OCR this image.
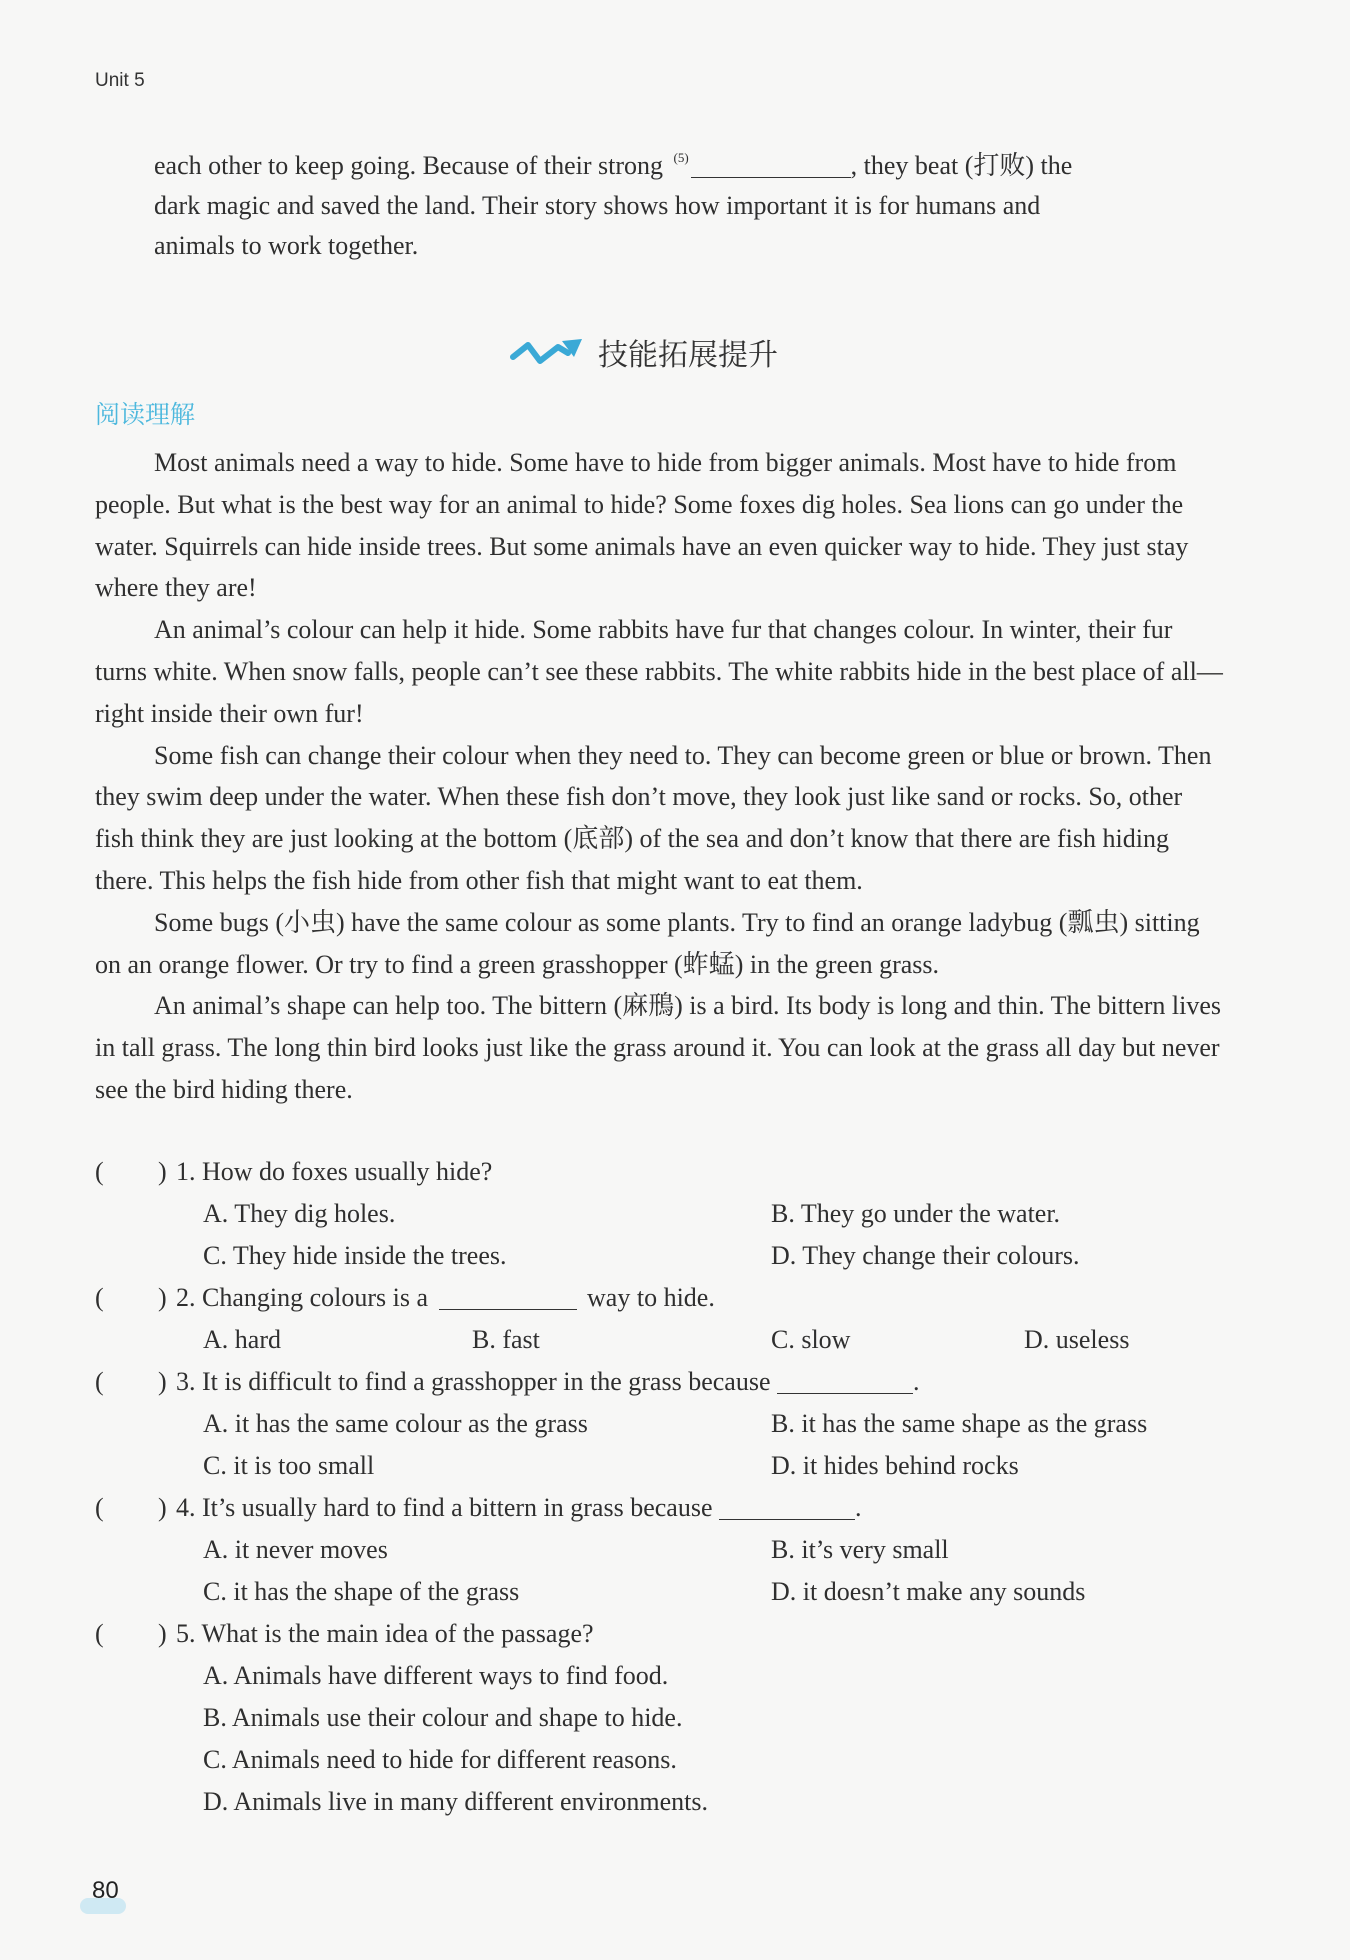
Unit 5
each other to keep going. Because of their strong $^{(5)}$	, they beat (打败) the
dark magic and saved the land. Their story shows how important it is for humans and
animals to work together.
技能拓展提升
阅读理解

Most animals need a way to hide. Some have to hide from bigger animals. Most have to hide from people. But what is the best way for an animal to hide? Some foxes dig holes. Sea lions can go under the water. Squirrels can hide inside trees. But some animals have an even quicker way to hide. They just stay where they are!

An animal’s colour can help it hide. Some rabbits have fur that changes colour. In winter, their fur turns white. When snow falls, people can’t see these rabbits. The white rabbits hide in the best place of all—right inside their own fur!

Some fish can change their colour when they need to. They can become green or blue or brown. Then they swim deep under the water. When these fish don’t move, they look just like sand or rocks. So, other fish think they are just looking at the bottom (底部) of the sea and don’t know that there are fish hiding there. This helps the fish hide from other fish that might want to eat them.

Some bugs (小虫) have the same colour as some plants. Try to find an orange ladybug (瓢虫) sitting on an orange flower. Or try to find a green grasshopper (蚱蜢) in the green grass.

An animal’s shape can help too. The bittern (麻鳽) is a bird. Its body is long and thin. The bittern lives in tall grass. The long thin bird looks just like the grass around it. You can look at the grass all day but never see the bird hiding there.

( ) 1. How do foxes usually hide?
A. They dig holes.	B. They go under the water.
C. They hide inside the trees.	D. They change their colours.
( ) 2. Changing colours is a	way to hide.
A. hard	B. fast	C. slow	D. useless
( ) 3. It is difficult to find a grasshopper in the grass because	.
A. it has the same colour as the grass	B. it has the same shape as the grass
C. it is too small	D. it hides behind rocks
( ) 4. It’s usually hard to find a bittern in grass because	.
A. it never moves	B. it’s very small
C. it has the shape of the grass	D. it doesn’t make any sounds
( ) 5. What is the main idea of the passage?
A. Animals have different ways to find food.
B. Animals use their colour and shape to hide.
C. Animals need to hide for different reasons.
D. Animals live in many different environments.
80
